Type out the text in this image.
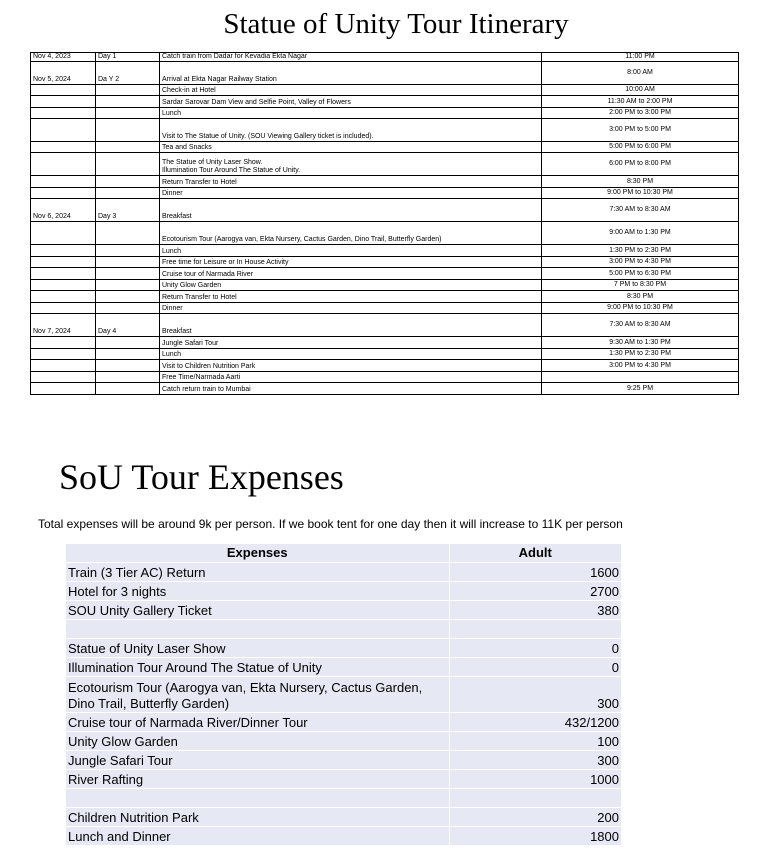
Statue of Unity Tour Itinerary
Nov 4, 2023	Day 1	Catch train from Dadar for Kevadia Ekta Nagar	11:00 PM
Nov 5, 2024	Da Y 2	Arrival at Ekta Nagar Railway Station	8:00 AM

		Check-in at Hotel	10:00 AM

		Sardar Sarovar Dam View and Selfie Point, Valley of Flowers	11:30 AM to 2:00 PM

		Lunch	2:00 PM to 3:00 PM

		Visit to The Statue of Unity. (SOU Viewing Gallery ticket is included).	3:00 PM to 5:00 PM

		Tea and Snacks	5:00 PM to 6:00 PM

		The Statue of Unity Laser Show.
Illumination Tour Around The Statue of Unity.	6:00 PM to 8:00 PM

		Return Transfer to Hotel	8:30 PM

		Dinner	9:00 PM to 10:30 PM
Nov 6, 2024	Day 3	Breakfast	7:30 AM to 8:30 AM

		Ecotourism Tour (Aarogya van, Ekta Nursery, Cactus Garden, Dino Trail, Butterfly Garden)	9:00 AM to 1:30 PM

		Lunch	1:30 PM to 2:30 PM

		Free time for Leisure or In House Activity	3:00 PM to 4:30 PM

		Cruise tour of Narmada River	5:00 PM to 6:30 PM

		Unity Glow Garden	7 PM to 8:30 PM

		Return Transfer to Hotel	8:30 PM

		Dinner	9:00 PM to 10:30 PM
Nov 7, 2024	Day 4	Breakfast	7:30 AM to 8:30 AM

		Jungle Safari Tour	9:30 AM to 1:30 PM

		Lunch	1:30 PM to 2:30 PM

		Visit to Children Nutrition Park	3:00 PM to 4:30 PM

		Free Time/Narmada Aarti	

		Catch return train to Mumbai	9:25 PM
SoU Tour Expenses
Total expenses will be around 9k per person. If we book tent for one day then it will increase to 11K per person
Expenses	Adult
Train (3 Tier AC) Return	1600
Hotel for 3 nights	2700
SOU Unity Gallery Ticket	380

Statue of Unity Laser Show	0
Illumination Tour Around The Statue of Unity	0
Ecotourism Tour (Aarogya van, Ekta Nursery, Cactus Garden, Dino Trail, Butterfly Garden)	300
Cruise tour of Narmada River/Dinner Tour	432/1200
Unity Glow Garden	100
Jungle Safari Tour	300
River Rafting	1000

Children Nutrition Park	200
Lunch and Dinner	1800
